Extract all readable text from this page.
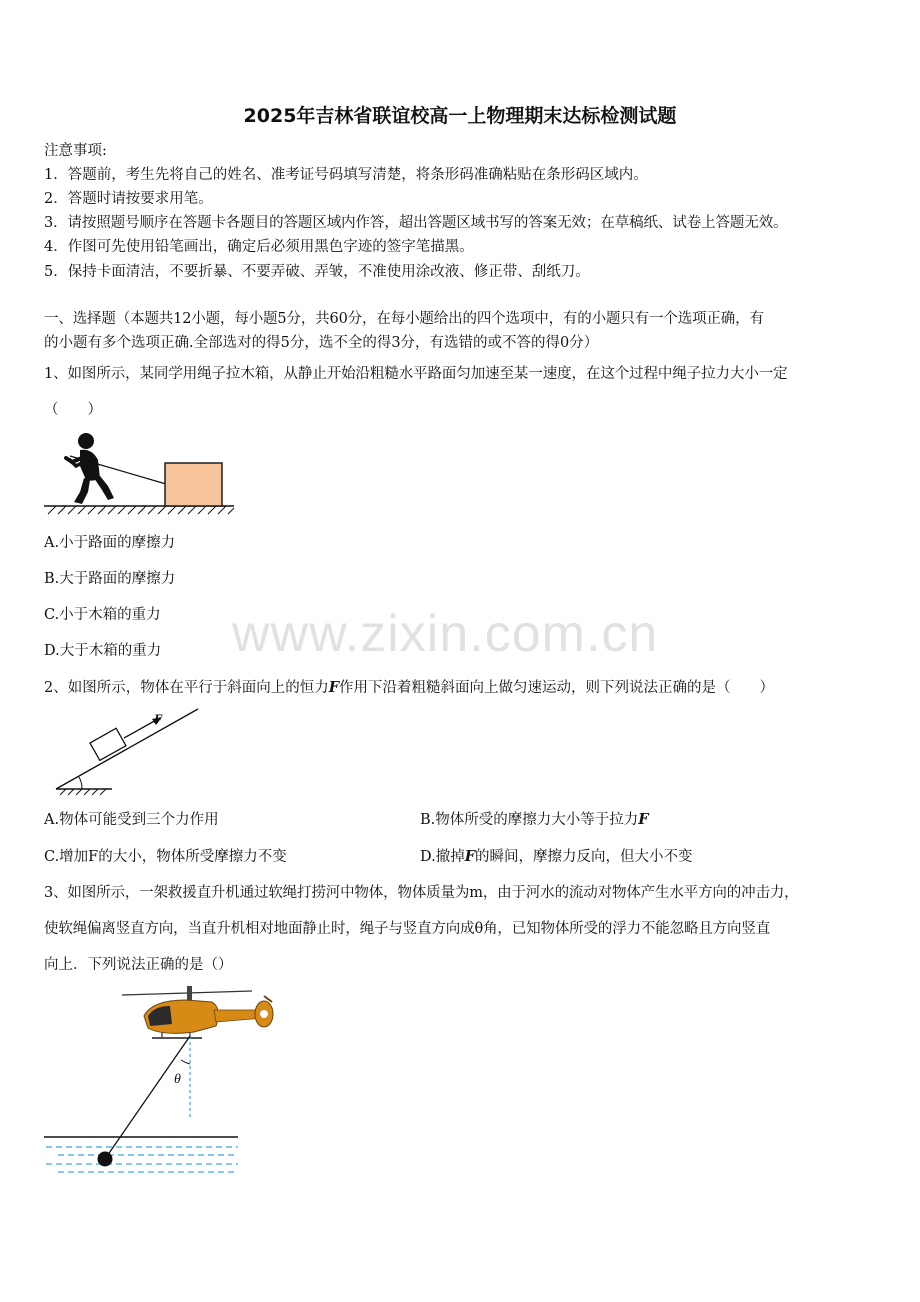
2025年吉林省联谊校高一上物理期末达标检测试题
注意事项:
1．答题前，考生先将自己的姓名、准考证号码填写清楚，将条形码准确粘贴在条形码区域内。
2．答题时请按要求用笔。
3．请按照题号顺序在答题卡各题目的答题区域内作答，超出答题区域书写的答案无效；在草稿纸、试卷上答题无效。
4．作图可先使用铅笔画出，确定后必须用黑色字迹的签字笔描黑。
5．保持卡面清洁，不要折暴、不要弄破、弄皱，不准使用涂改液、修正带、刮纸刀。
一、选择题（本题共12小题，每小题5分，共60分，在每小题给出的四个选项中，有的小题只有一个选项正确，有
的小题有多个选项正确.全部选对的得5分，选不全的得3分，有选错的或不答的得0分）
1、如图所示，某同学用绳子拉木箱，从静止开始沿粗糙水平路面匀加速至某一速度，在这个过程中绳子拉力大小一定
（　　）
A.小于路面的摩擦力
B.大于路面的摩擦力
C.小于木箱的重力
D.大于木箱的重力 www.zixin.com.cn
2、如图所示，物体在平行于斜面向上的恒力F作用下沿着粗糙斜面向上做匀速运动，则下列说法正确的是（　　）
F
A.物体可能受到三个力作用	B.物体所受的摩擦力大小等于拉力F
C.增加F的大小，物体所受摩擦力不变	D.撤掉F的瞬间，摩擦力反向，但大小不变
3、如图所示，一架救援直升机通过软绳打捞河中物体，物体质量为m，由于河水的流动对物体产生水平方向的冲击力，
使软绳偏离竖直方向，当直升机相对地面静止时，绳子与竖直方向成θ角，已知物体所受的浮力不能忽略且方向竖直
向上．下列说法正确的是（）
θ
